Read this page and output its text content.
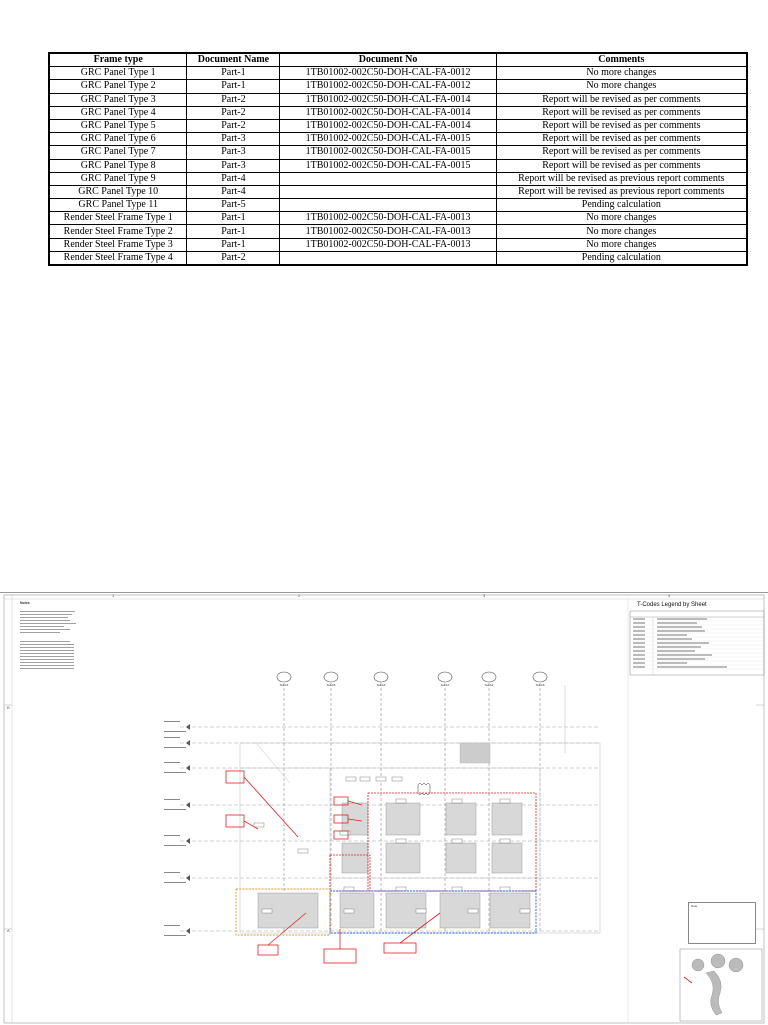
Frame type	Document Name	Document No	Comments
GRC Panel Type 1	Part-1	1TB01002-002C50-DOH-CAL-FA-0012	No more changes
GRC Panel Type 2	Part-1	1TB01002-002C50-DOH-CAL-FA-0012	No more changes
GRC Panel Type 3	Part-2	1TB01002-002C50-DOH-CAL-FA-0014	Report will be revised as per comments
GRC Panel Type 4	Part-2	1TB01002-002C50-DOH-CAL-FA-0014	Report will be revised as per comments
GRC Panel Type 5	Part-2	1TB01002-002C50-DOH-CAL-FA-0014	Report will be revised as per comments
GRC Panel Type 6	Part-3	1TB01002-002C50-DOH-CAL-FA-0015	Report will be revised as per comments
GRC Panel Type 7	Part-3	1TB01002-002C50-DOH-CAL-FA-0015	Report will be revised as per comments
GRC Panel Type 8	Part-3	1TB01002-002C50-DOH-CAL-FA-0015	Report will be revised as per comments
GRC Panel Type 9	Part-4		Report will be revised as previous report comments
GRC Panel Type 10	Part-4		Report will be revised as previous report comments
GRC Panel Type 11	Part-5		Pending calculation
Render Steel Frame Type 1	Part-1	1TB01002-002C50-DOH-CAL-FA-0013	No more changes
Render Steel Frame Type 2	Part-1	1TB01002-002C50-DOH-CAL-FA-0013	No more changes
Render Steel Frame Type 3	Part-1	1TB01002-002C50-DOH-CAL-FA-0013	No more changes
Render Steel Frame Type 4	Part-2		Pending calculation
SH-A1	SH-A5	SH-A3	SH-A7	SH-A2	SH-A9
1	2	3	4
B
A
T-Codes Legend by Sheet
Notes
Note
